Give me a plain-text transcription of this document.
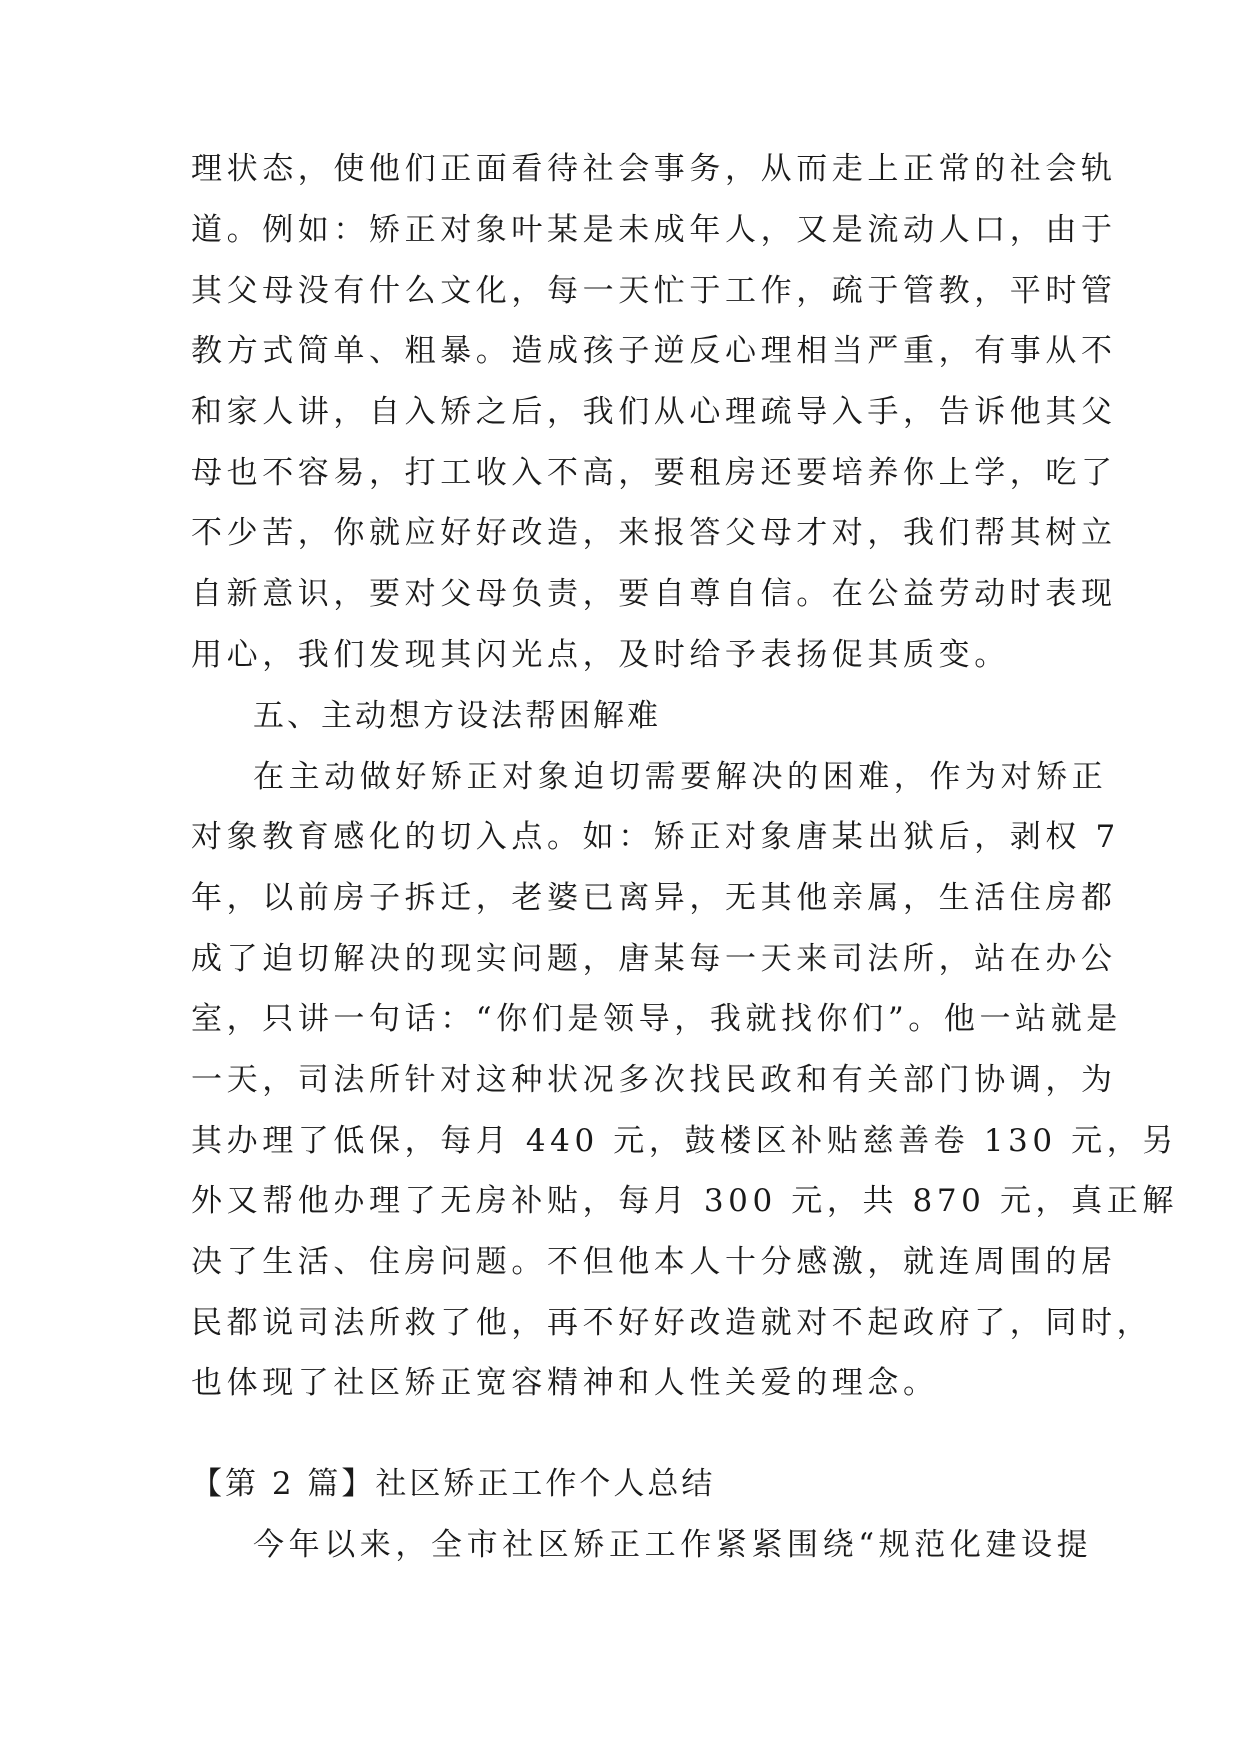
理状态，使他们正面看待社会事务，从而走上正常的社会轨
道。例如：矫正对象叶某是未成年人，又是流动人口，由于
其父母没有什么文化，每一天忙于工作，疏于管教，平时管
教方式简单、粗暴。造成孩子逆反心理相当严重，有事从不
和家人讲，自入矫之后，我们从心理疏导入手，告诉他其父
母也不容易，打工收入不高，要租房还要培养你上学，吃了
不少苦，你就应好好改造，来报答父母才对，我们帮其树立
自新意识，要对父母负责，要自尊自信。在公益劳动时表现
用心，我们发现其闪光点，及时给予表扬促其质变。
五、主动想方设法帮困解难
在主动做好矫正对象迫切需要解决的困难，作为对矫正
对象教育感化的切入点。如：矫正对象唐某出狱后，剥权 7
年，以前房子拆迁，老婆已离异，无其他亲属，生活住房都
成了迫切解决的现实问题，唐某每一天来司法所，站在办公
室，只讲一句话：“你们是领导，我就找你们”。他一站就是
一天，司法所针对这种状况多次找民政和有关部门协调，为
其办理了低保，每月 440 元，鼓楼区补贴慈善卷 130 元，另
外又帮他办理了无房补贴，每月 300 元，共 870 元，真正解
决了生活、住房问题。不但他本人十分感激，就连周围的居
民都说司法所救了他，再不好好改造就对不起政府了，同时，
也体现了社区矫正宽容精神和人性关爱的理念。
【第 2 篇】社区矫正工作个人总结
今年以来，全市社区矫正工作紧紧围绕“规范化建设提
